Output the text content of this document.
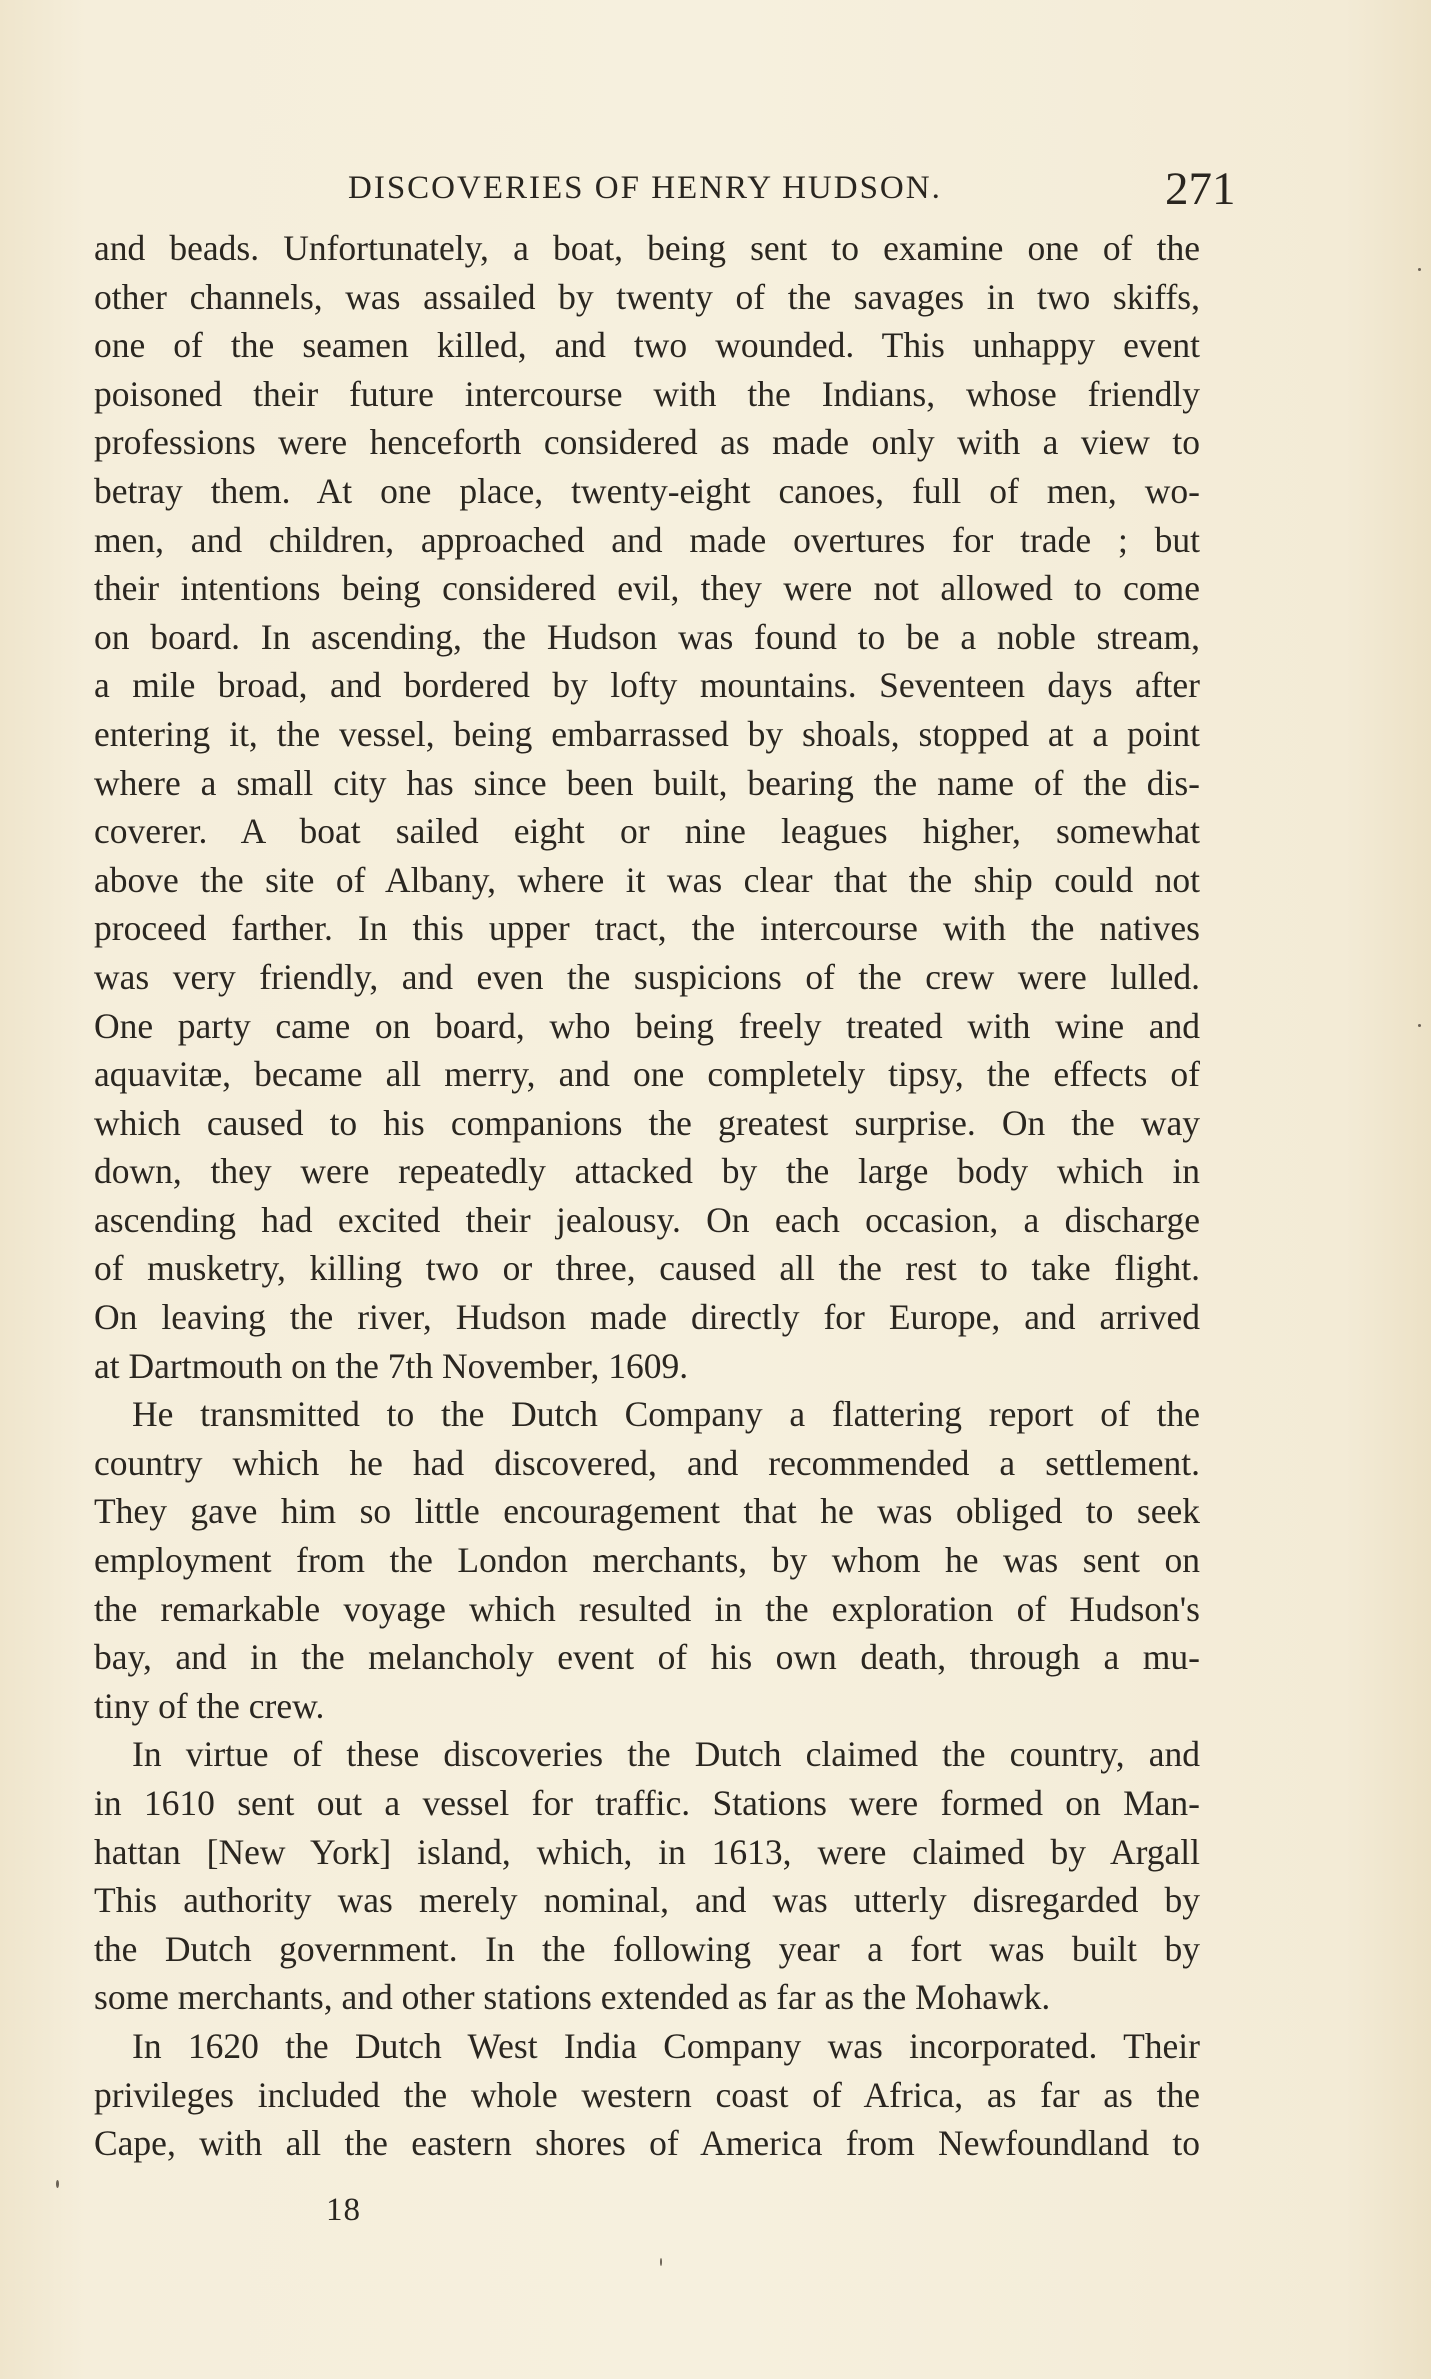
DISCOVERIES OF HENRY HUDSON.	271
and beads. Unfortunately, a boat, being sent to examine one of the
other channels, was assailed by twenty of the savages in two skiffs,
one of the seamen killed, and two wounded. This unhappy event
poisoned their future intercourse with the Indians, whose friendly
professions were henceforth considered as made only with a view to
betray them. At one place, twenty-eight canoes, full of men, wo-
men, and children, approached and made overtures for trade ; but
their intentions being considered evil, they were not allowed to come
on board. In ascending, the Hudson was found to be a noble stream,
a mile broad, and bordered by lofty mountains. Seventeen days after
entering it, the vessel, being embarrassed by shoals, stopped at a point
where a small city has since been built, bearing the name of the dis-
coverer. A boat sailed eight or nine leagues higher, somewhat
above the site of Albany, where it was clear that the ship could not
proceed farther. In this upper tract, the intercourse with the natives
was very friendly, and even the suspicions of the crew were lulled.
One party came on board, who being freely treated with wine and
aquavitæ, became all merry, and one completely tipsy, the effects of
which caused to his companions the greatest surprise. On the way
down, they were repeatedly attacked by the large body which in
ascending had excited their jealousy. On each occasion, a discharge
of musketry, killing two or three, caused all the rest to take flight.
On leaving the river, Hudson made directly for Europe, and arrived
at Dartmouth on the 7th November, 1609.
He transmitted to the Dutch Company a flattering report of the
country which he had discovered, and recommended a settlement.
They gave him so little encouragement that he was obliged to seek
employment from the London merchants, by whom he was sent on
the remarkable voyage which resulted in the exploration of Hudson's
bay, and in the melancholy event of his own death, through a mu-
tiny of the crew.
In virtue of these discoveries the Dutch claimed the country, and
in 1610 sent out a vessel for traffic. Stations were formed on Man-
hattan [New York] island, which, in 1613, were claimed by Argall
This authority was merely nominal, and was utterly disregarded by
the Dutch government. In the following year a fort was built by
some merchants, and other stations extended as far as the Mohawk.
In 1620 the Dutch West India Company was incorporated. Their
privileges included the whole western coast of Africa, as far as the
Cape, with all the eastern shores of America from Newfoundland to
18
